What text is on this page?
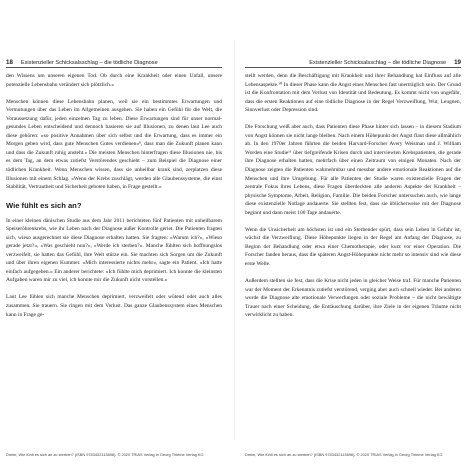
18 Existenzieller Schicksalsschlag – die tödliche Diagnose

den Wissens um unseren eigenen Tod. Ob durch eine Krankheit oder einen Unfall, unsere potenzielle Lebensbahn verändert sich plötzlich.«

Menschen können diese Lebensbahn planen, weil sie ein bestimmtes Erwartungen und Vermutungen über das Leben im Allgemeinen ausgehen. Sie haben ein Gefühl für die Welt, die Voraussetzung dafür, jeden einzelnen Tag zu leben. Diese Erwartungen sind für unser normal-gesundes Leben entscheidend und dennoch basieren sie auf Illusionen, zu denen laut Lee auch diese gehören: »so positive Annahmen über sich selbst und die Erwartung, dass es immer ein Morgen geben wird, dass gute Menschen Gutes verdienen«⁸, dass man die Zukunft planen kann und dass die Zukunft ruhig ansteht.« Die meisten Menschen hinterfragen diese Illusionen nie, bis es dem Tag, an dem etwas zutiefst Verstörendes geschieht – zum Beispiel die Diagnose einer tödlichen Krankheit. Wenn Menschen wissen, dass sie unheilbar krank sind, zerplatzen diese Illusionen mit einem Schlag. »Wenn der Krebs zuschlägt, werden alle Glaubenssysteme, die einst Stabilität, Vertrautheit und Sicherheit geboten haben, in Frage gestellt.«

Wie fühlt es sich an?

In einer kleinen dänischen Studie aus dem Jahr 2011 berichteten fünf Patienten mit unheilbarem Speiseröhrenkrebs, wie ihr Leben nach der Diagnose außer Kontrolle geriet. Die Patienten fragten sich, wieso ausgerechnet sie diese Diagnose erhalten hatten. Sie fragten: »Warum ich?«, »Wieso gerade jetzt?«, »Was geschieht nun?«, »Werde ich sterben?«. Manche fühlten sich hoffnungslos verzweifelt, sie hatten das Gefühl, ihre Welt stürze ein. Sie machten sich Sorgen um die Zukunft und über ihren eigenen Kummer. »Mich interessierte nichts mehr«, sagte ein Patient. »Ich hatte einfach aufgegeben.« Ein anderer berichtete: »Ich fühlte mich deprimiert. Ich konnte die kleinsten Aufgaben waren mir zu viel, ich konnte mir die Zukunft nicht vorstellen.«

Laut Lee fühlen sich manche Menschen deprimiert, verzweifelt oder wütend oder auch alles zusammen. Sie trauern. Sie ringen mit dem Verlust. Das ganze Glaubenssystem eines Menschen kann in Frage ge-

Dreier, Wie fühlt es sich an zu sterben? (ISBN 9783432113696), © 2020 TRIAS Verlag in Georg Thieme Verlag KG
Existenzieller Schicksalsschlag – die tödliche Diagnose 19

stellt werden, denn die Beschäftigung mit Krankheit und ihrer Behandlung hat Einfluss auf alle Lebensaspekte.¹⁰ In dieser Phase kann die Angst eines Menschen fast unerträglich sein. Der Grund ist die Konfrontation mit dem Verlust von Identität und Bedeutung. Es kommt nicht von ungefähr, dass die ersten Reaktionen auf eine tödliche Diagnose in der Regel Verzweiflung, Wut, Leugnen, Sinnverlust oder Depression sind.

Die Forschung weiß aber auch, dass Patienten diese Phase hinter sich lassen – in diesem Stadium von Angst können sie nicht lange bleiben. Nach einem Höhepunkt der Angst flaut diese allmählich ab. In den 1970er Jahren führten die beiden Harvard-Forscher Avery Weisman und J. William Worden eine Studie¹¹ über tiefgreifende Krisen durch und interviewten Krebspatienten, die gerade ihre Diagnose erhalten hatten, mehrfach über einen Zeitraum von einigen Monaten. Nach der Diagnose zeigten die Patienten wahrnehmbar und messbar andere emotionale Reaktionen auf die Menschen und ihre Umgebung. Für alle Patienten der Studie waren existenzielle Fragen der zentrale Fokus ihres Lebens, diese Fragen überdeckten alle anderen Aspekte der Krankheit – physische Symptome, Arbeit, Religion, Familie. Die beiden Forscher untersuchen auch, wie lange diese existenzielle Notlage andauerte. Sie stellten fest, dass sie üblicherweise mit der Diagnose beginnt und dann meist 100 Tage andauerte.

Wenn die Unsicherheit am höchsten ist und ein Sterbender spürt, dass sein Leben in Gefahr ist, wächst die Verzweiflung. Diese Höhepunkte liegen in der Regel am Anfang der Diagnose, zu Beginn der Behandlung oder etwa einer Chemotherapie, oder kurz vor einer Operation. Die Forscher fanden heraus, dass die späteren Angst-Höhepunkte nicht mehr so intensiv sind wie diese erste Welle.

Außerdem stellten sie fest, dass die Krise nicht jeden in gleicher Weise traf. Für manche Patienten war der Moment der Erkenntnis zutiefst verstörend, verging aber auch schnell wieder. Bei anderen wurde die Diagnose alte emotionale Verwerfungen oder soziale Probleme – die nicht bewältigte Trauer nach einer Scheidung, die Enttäuschung darüber, ihre Ziele in der eigenen Träume nicht verwirklicht zu haben.

Dreier, Wie fühlt es sich an zu sterben? (ISBN 9783432113696), © 2020 TRIAS Verlag in Georg Thieme Verlag KG
